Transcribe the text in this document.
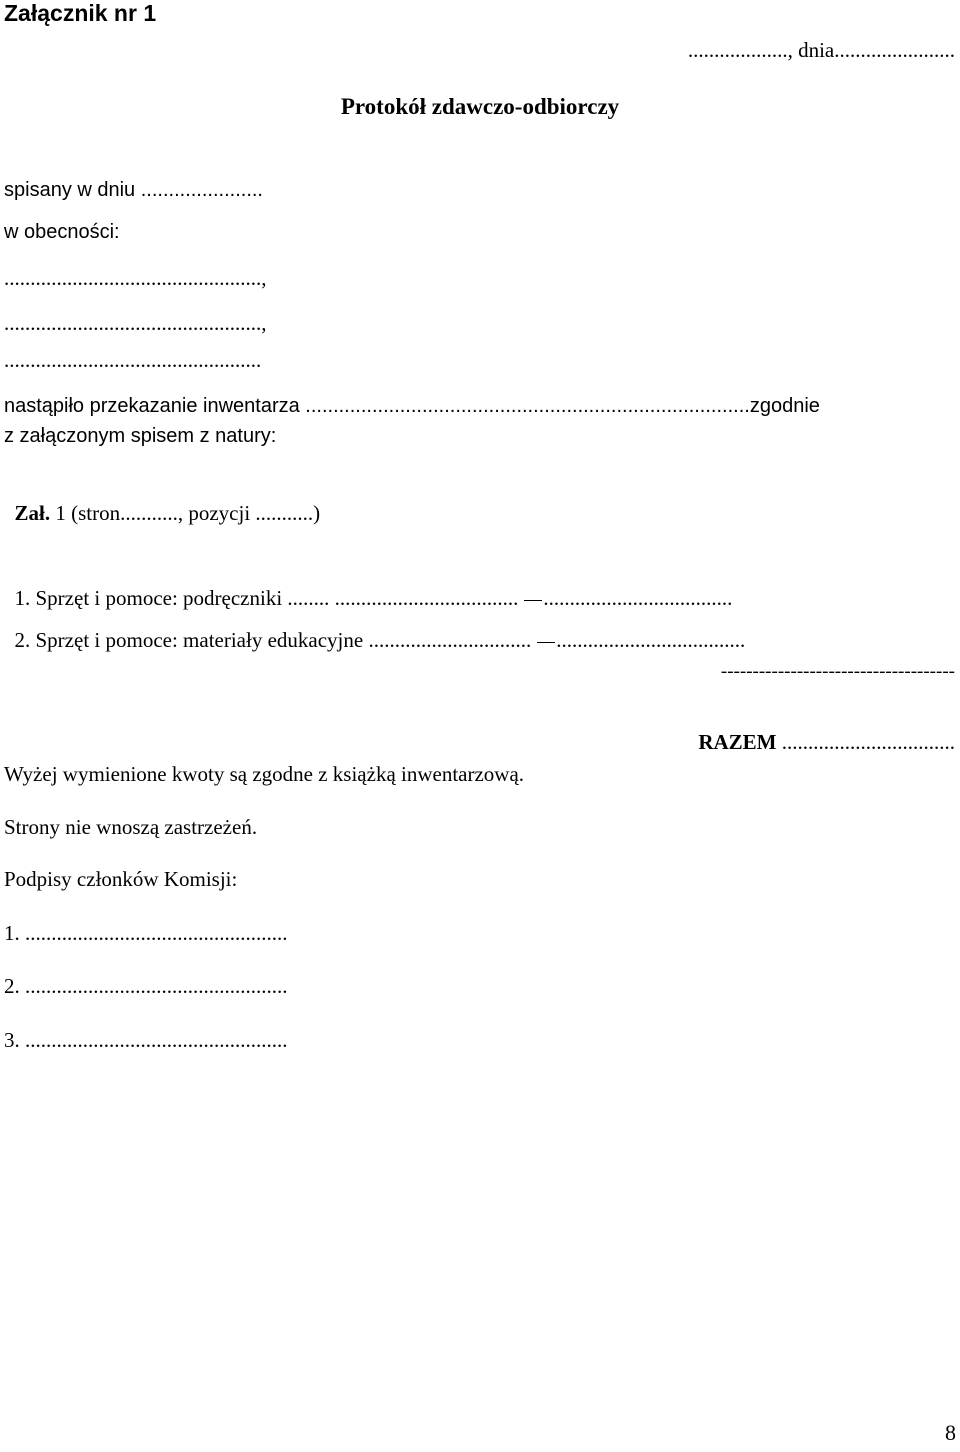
Załącznik nr 1
..................., dnia.......................
Protokół zdawczo-odbiorczy
spisany w dniu ......................
w obecności:
.................................................,
.................................................,
.................................................
nastąpiło przekazanie inwentarza ................................................................................zgodnie
z załączonym spisem z natury:

Zał. 1 (stron..........., pozycji ...........)

1. Sprzęt i pomoce: podręczniki ........ ................................... ....................................

2. Sprzęt i pomoce: materiały edukacyjne ............................... ....................................

-------------------------------------

RAZEM .................................

Wyżej wymienione kwoty są zgodne z książką inwentarzową.
Strony nie wnoszą zastrzeżeń.
Podpisy członków Komisji:
1. ..................................................
2. ..................................................
3. ..................................................
8
